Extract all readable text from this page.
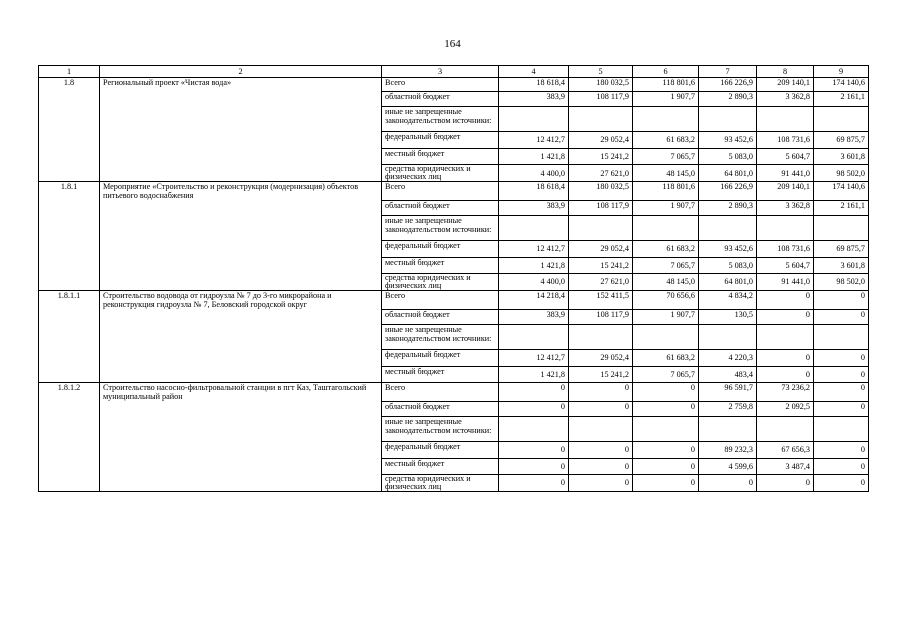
164
1	2	3	4	5	6	7	8	9
1.8	Региональный проект «Чистая вода»	Всего	18 618,4	180 032,5	118 801,6	166 226,9	209 140,1	174 140,6
		областной бюджет	383,9	108 117,9	1 907,7	2 890,3	3 362,8	2 161,1
		иные не запрещенные законодательством источники:						
		федеральный бюджет	12 412,7	29 052,4	61 683,2	93 452,6	108 731,6	69 875,7
		местный бюджет	1 421,8	15 241,2	7 065,7	5 083,0	5 604,7	3 601,8
		средства юридических и физических лиц	4 400,0	27 621,0	48 145,0	64 801,0	91 441,0	98 502,0
1.8.1	Мероприятие «Строительство и реконструкция (модернизация) объектов питьевого водоснабжения	Всего	18 618,4	180 032,5	118 801,6	166 226,9	209 140,1	174 140,6
		областной бюджет	383,9	108 117,9	1 907,7	2 890,3	3 362,8	2 161,1
		иные не запрещенные законодательством источники:						
		федеральный бюджет	12 412,7	29 052,4	61 683,2	93 452,6	108 731,6	69 875,7
		местный бюджет	1 421,8	15 241,2	7 065,7	5 083,0	5 604,7	3 601,8
		средства юридических и физических лиц	4 400,0	27 621,0	48 145,0	64 801,0	91 441,0	98 502,0
1.8.1.1	Строительство водовода от гидроузла № 7 до 3-го микрорайона и реконструкция гидроузла № 7, Беловский городской округ	Всего	14 218,4	152 411,5	70 656,6	4 834,2	0	0
		областной бюджет	383,9	108 117,9	1 907,7	130,5	0	0
		иные не запрещенные законодательством источники:						
		федеральный бюджет	12 412,7	29 052,4	61 683,2	4 220,3	0	0
		местный бюджет	1 421,8	15 241,2	7 065,7	483,4	0	0
1.8.1.2	Строительство насосно-фильтровальной станции в пгт Каз, Таштагольский муниципальный район	Всего	0	0	0	96 591,7	73 236,2	0
		областной бюджет	0	0	0	2 759,8	2 092,5	0
		иные не запрещенные законодательством источники:						
		федеральный бюджет	0	0	0	89 232,3	67 656,3	0
		местный бюджет	0	0	0	4 599,6	3 487,4	0
		средства юридических и физических лиц	0	0	0	0	0	0
